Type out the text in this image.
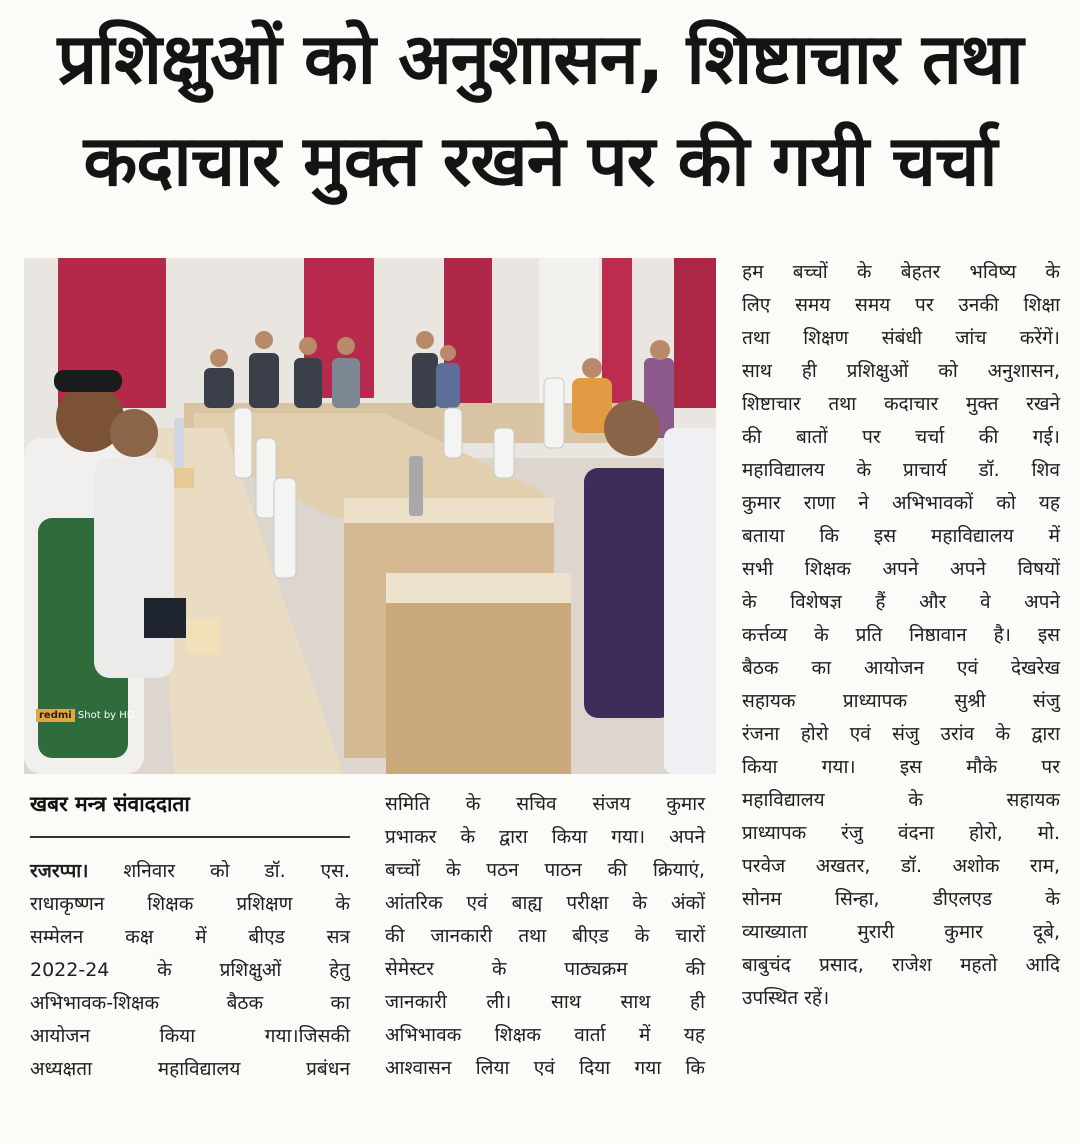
प्रशिक्षुओं को अनुशासन, शिष्टाचार तथा
कदाचार मुक्त रखने पर की गयी चर्चा
redmi Shot by HD
खबर मन्त्र संवाददाता
रजरप्पा। शनिवार को डॉ. एस.
राधाकृष्णन शिक्षक प्रशिक्षण के
सम्मेलन कक्ष में बीएड सत्र
2022-24 के प्रशिक्षुओं हेतु
अभिभावक-शिक्षक बैठक का
आयोजन किया गया।जिसकी
अध्यक्षता महाविद्यालय प्रबंधन
समिति के सचिव संजय कुमार
प्रभाकर के द्वारा किया गया। अपने
बच्चों के पठन पाठन की क्रियाएं,
आंतरिक एवं बाह्य परीक्षा के अंकों
की जानकारी तथा बीएड के चारों
सेमेस्टर के पाठ्यक्रम की
जानकारी ली। साथ साथ ही
अभिभावक शिक्षक वार्ता में यह
आश्वासन लिया एवं दिया गया कि
हम बच्चों के बेहतर भविष्य के
लिए समय समय पर उनकी शिक्षा
तथा शिक्षण संबंधी जांच करेंगें।
साथ ही प्रशिक्षुओं को अनुशासन,
शिष्टाचार तथा कदाचार मुक्त रखने
की बातों पर चर्चा की गई।
महाविद्यालय के प्राचार्य डॉ. शिव
कुमार राणा ने अभिभावकों को यह
बताया कि इस महाविद्यालय में
सभी शिक्षक अपने अपने विषयों
के विशेषज्ञ हैं और वे अपने
कर्त्तव्य के प्रति निष्ठावान है। इस
बैठक का आयोजन एवं देखरेख
सहायक प्राध्यापक सुश्री संजु
रंजना होरो एवं संजु उरांव के द्वारा
किया गया। इस मौके पर
महाविद्यालय के सहायक
प्राध्यापक रंजु वंदना होरो, मो.
परवेज अखतर, डॉ. अशोक राम,
सोनम सिन्हा, डीएलएड के
व्याख्याता मुरारी कुमार दूबे,
बाबुचंद प्रसाद, राजेश महतो आदि
उपस्थित रहें।
